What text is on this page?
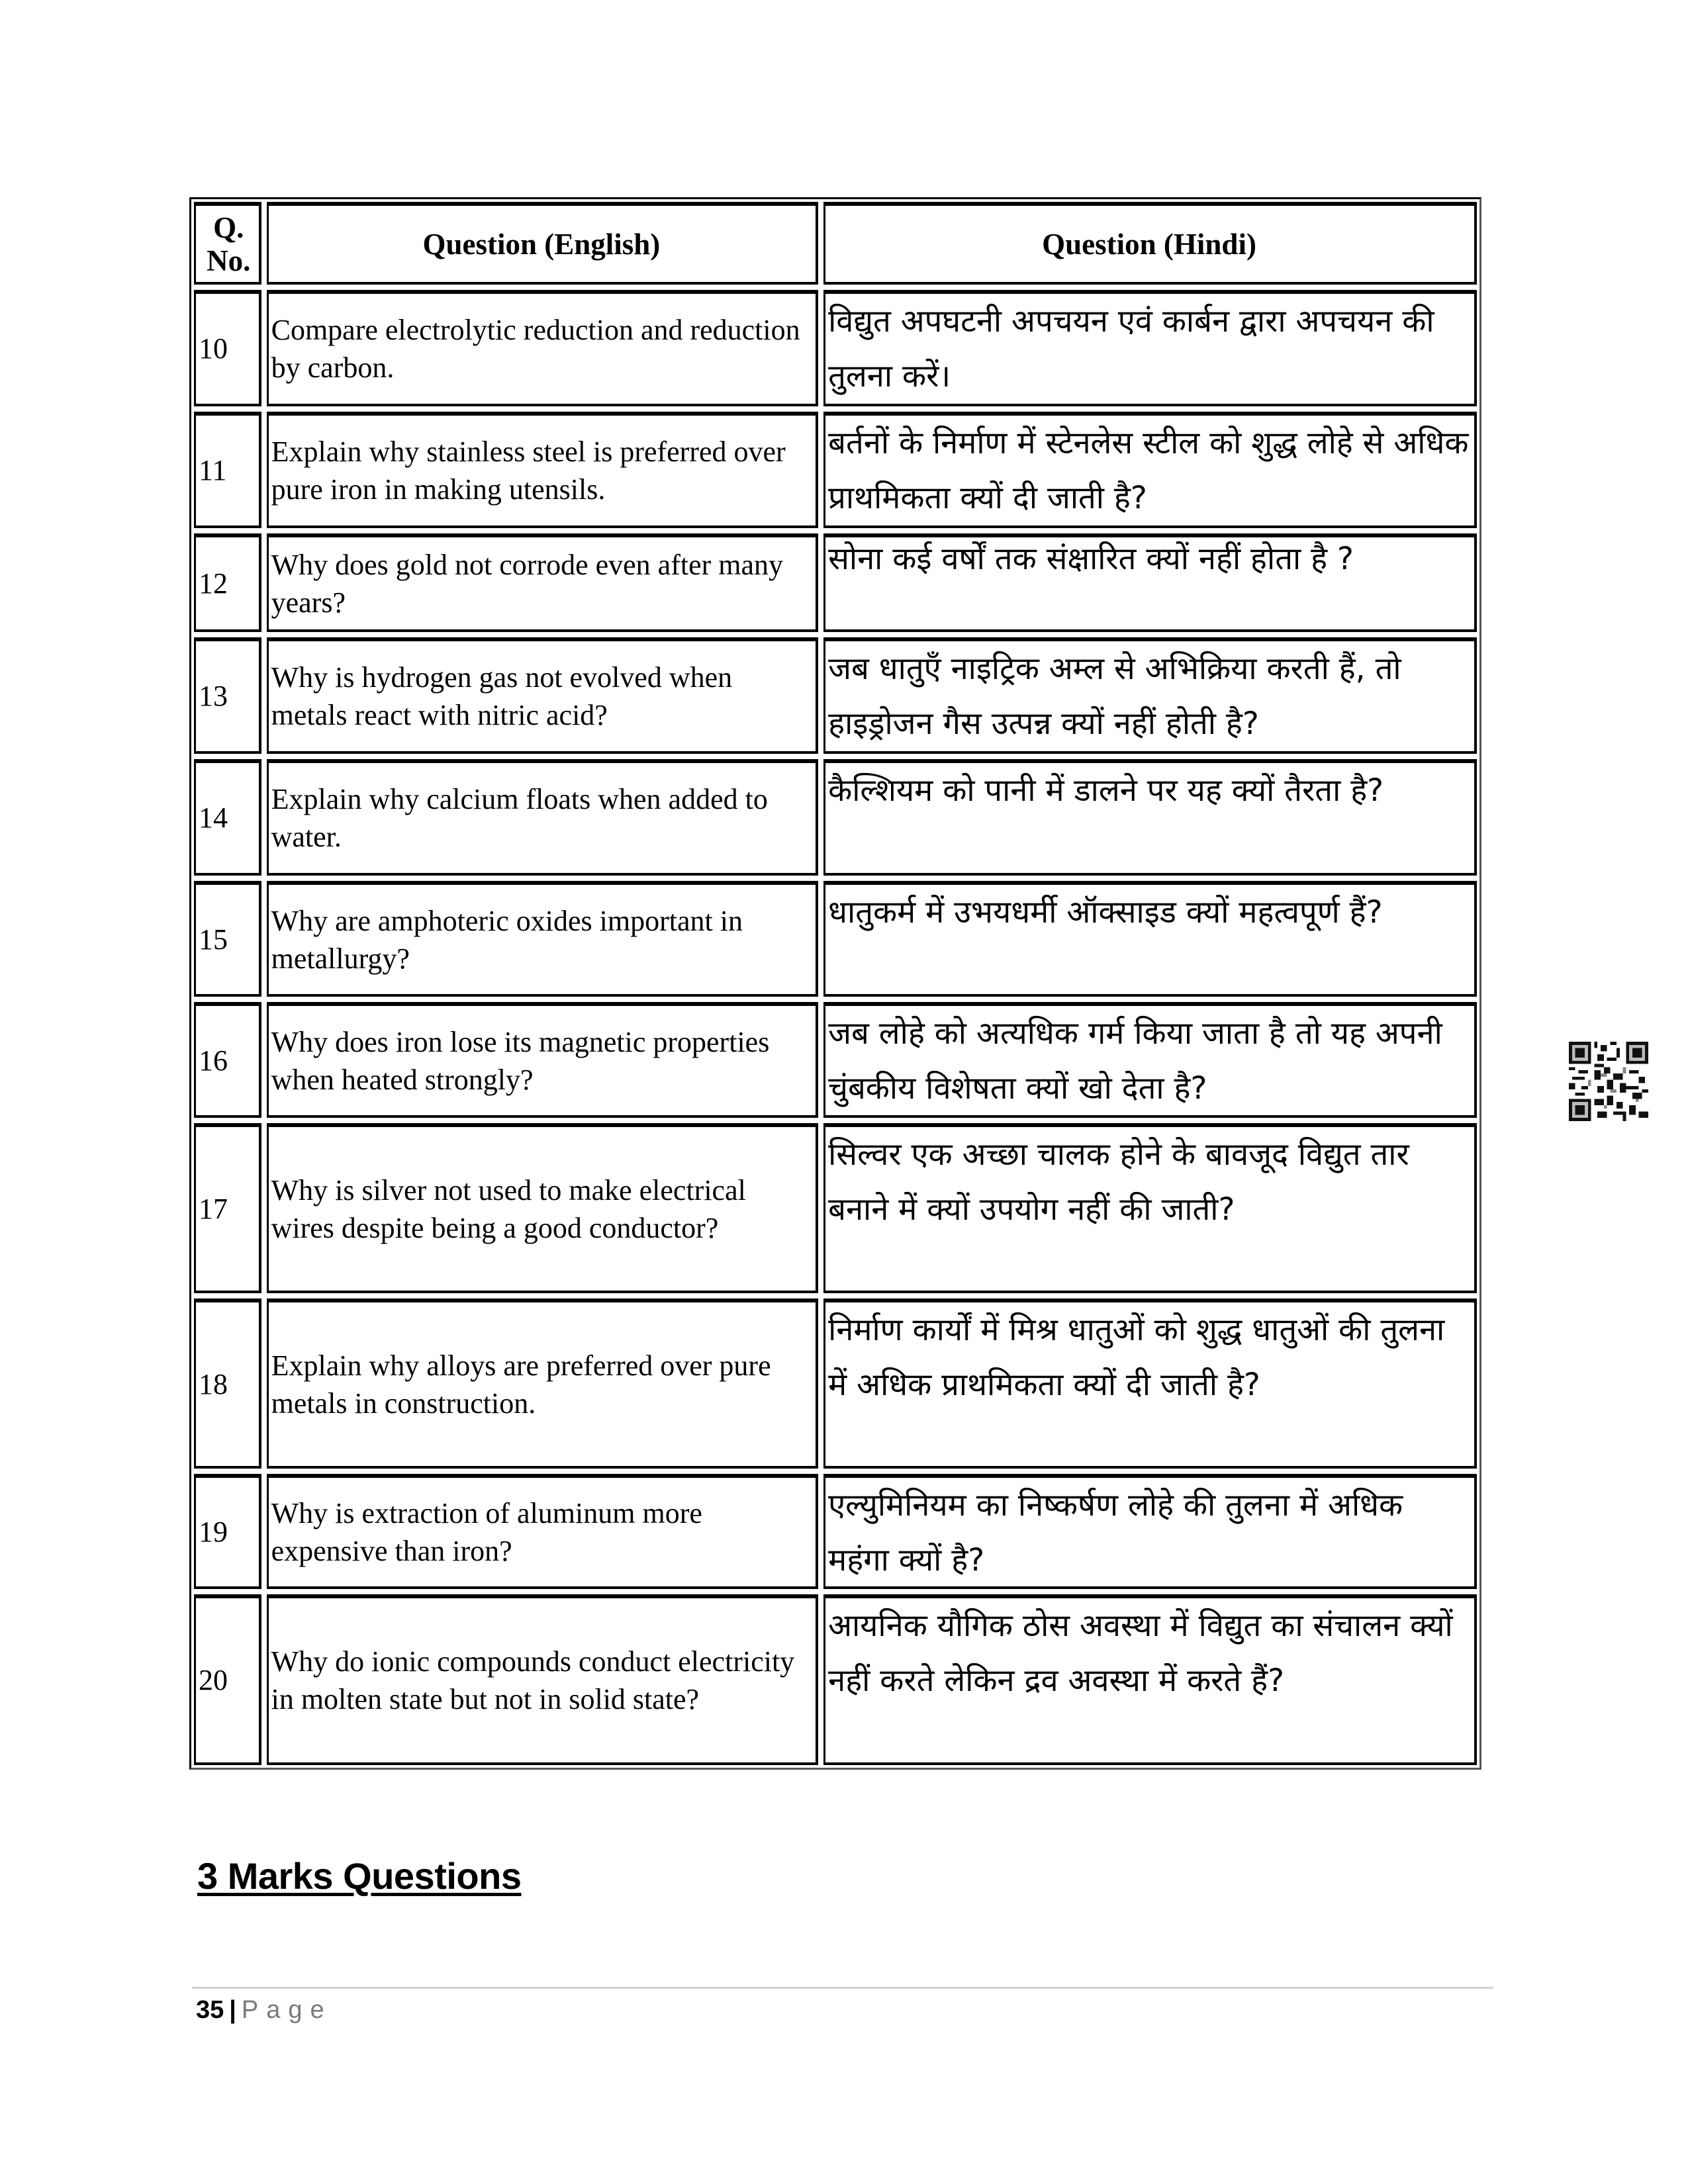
Q. No.	Question (English)	Question (Hindi)
10
Compare electrolytic reduction and reduction by carbon.
विद्युत अपघटनी अपचयन एवं कार्बन द्वारा अपचयन की तुलना करें।
11
Explain why stainless steel is preferred over pure iron in making utensils.
बर्तनों के निर्माण में स्टेनलेस स्टील को शुद्ध लोहे से अधिक प्राथमिकता क्यों दी जाती है?
12
Why does gold not corrode even after many years?
सोना कई वर्षों तक संक्षारित क्यों नहीं होता है ?
13
Why is hydrogen gas not evolved when metals react with nitric acid?
जब धातुएँ नाइट्रिक अम्ल से अभिक्रिया करती हैं, तो हाइड्रोजन गैस उत्पन्न क्यों नहीं होती है?
14
Explain why calcium floats when added to water.
कैल्शियम को पानी में डालने पर यह क्यों तैरता है?
15
Why are amphoteric oxides important in metallurgy?
धातुकर्म में उभयधर्मी ऑक्साइड क्यों महत्वपूर्ण हैं?
16
Why does iron lose its magnetic properties when heated strongly?
जब लोहे को अत्यधिक गर्म किया जाता है तो यह अपनी चुंबकीय विशेषता क्यों खो देता है?
17
Why is silver not used to make electrical wires despite being a good conductor?
सिल्वर एक अच्छा चालक होने के बावजूद विद्युत तार बनाने में क्यों उपयोग नहीं की जाती?
18
Explain why alloys are preferred over pure metals in construction.
निर्माण कार्यों में मिश्र धातुओं को शुद्ध धातुओं की तुलना में अधिक प्राथमिकता क्यों दी जाती है?
19
Why is extraction of aluminum more expensive than iron?
एल्युमिनियम का निष्कर्षण लोहे की तुलना में अधिक महंगा क्यों है?
20
Why do ionic compounds conduct electricity in molten state but not in solid state?
आयनिक यौगिक ठोस अवस्था में विद्युत का संचालन क्यों नहीं करते लेकिन द्रव अवस्था में करते हैं?
3 Marks Questions
35 | Page
